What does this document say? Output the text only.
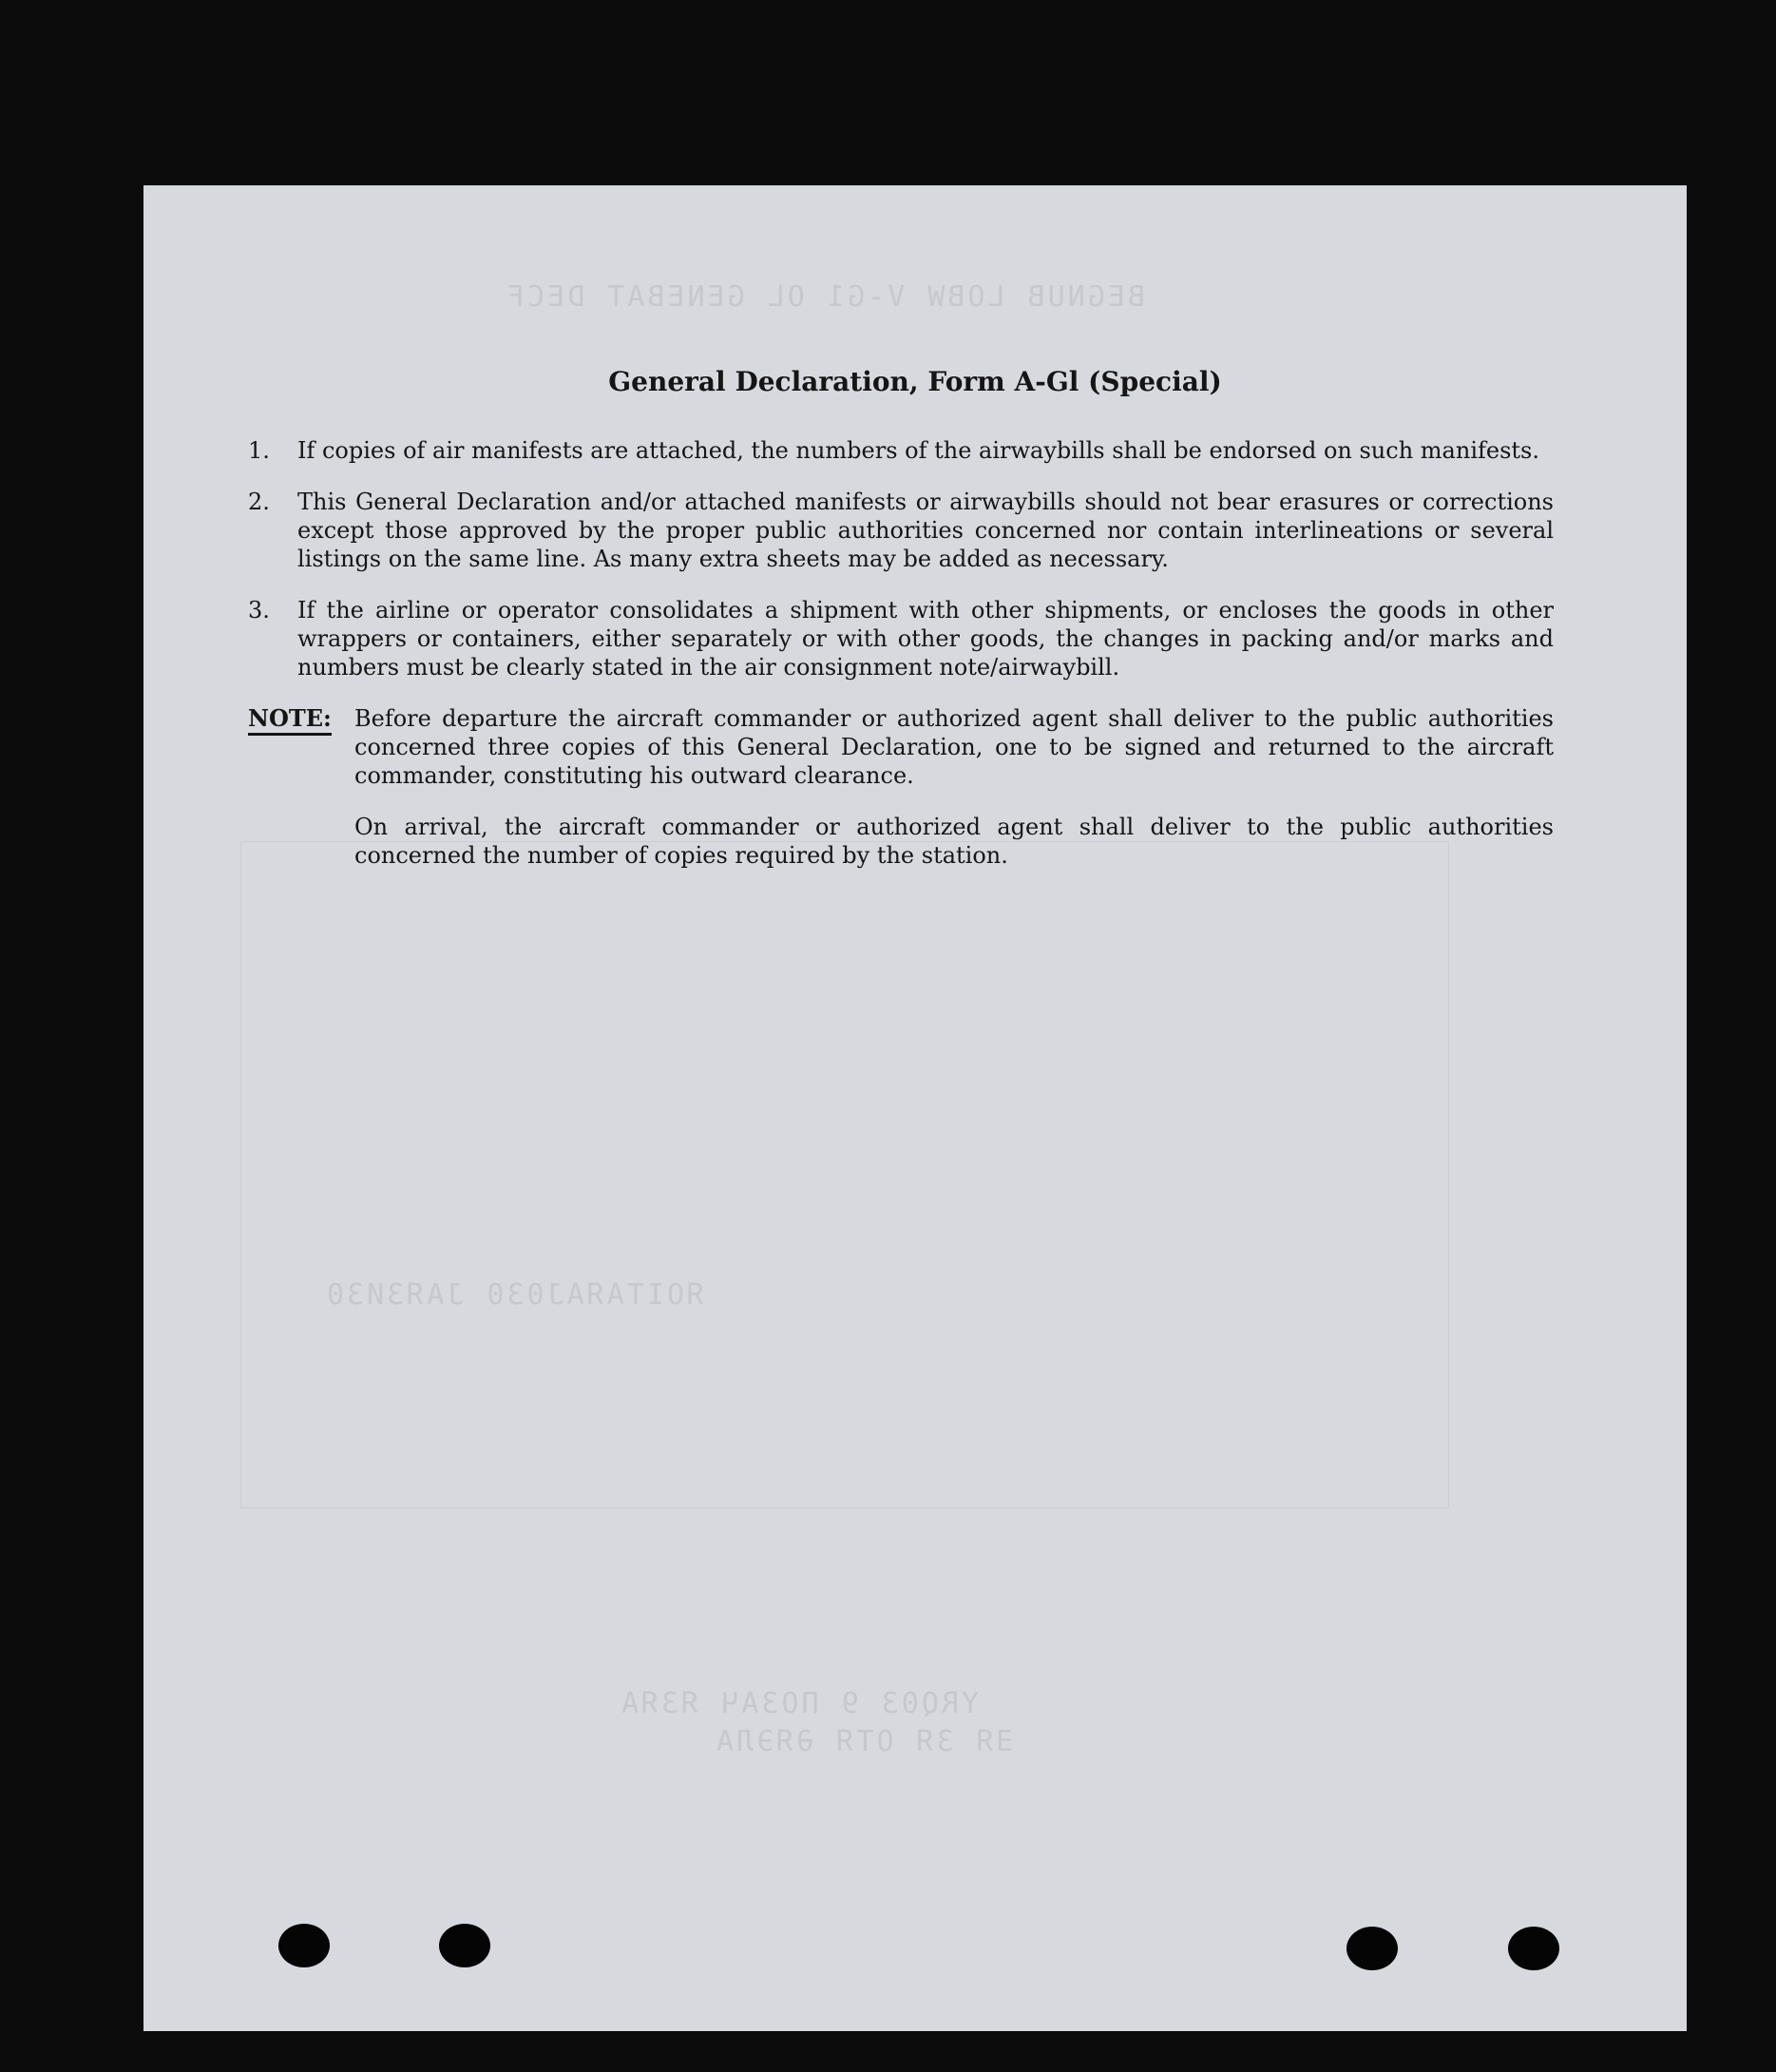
BEGNUB LOBW V-G1 OL GENEBAT DECF
ЯOITAЯAJ030 JAЯ3И30
YRQ03 9 ПОЗAЧ ЯЗЯА
ƎЯ ЗЯ ОТЯ ӘЯЭЛА
General Declaration, Form A-Gl (Special)
1.	If copies of air manifests are attached, the numbers of the airwaybills shall be endorsed on such manifests.
2.	This General Declaration and/or attached manifests or airwaybills should not bear erasures or corrections except those approved by the proper public authorities concerned nor contain interlineations or several listings on the same line. As many extra sheets may be added as necessary.
3.	If the airline or operator consolidates a shipment with other shipments, or encloses the goods in other wrappers or containers, either separately or with other goods, the changes in packing and/or marks and numbers must be clearly stated in the air consignment note/airwaybill.
NOTE:	Before departure the aircraft commander or authorized agent shall deliver to the public authorities concerned three copies of this General Declaration, one to be signed and returned to the aircraft commander, constituting his outward clearance.

On arrival, the aircraft commander or authorized agent shall deliver to the public authorities concerned the number of copies required by the station.
